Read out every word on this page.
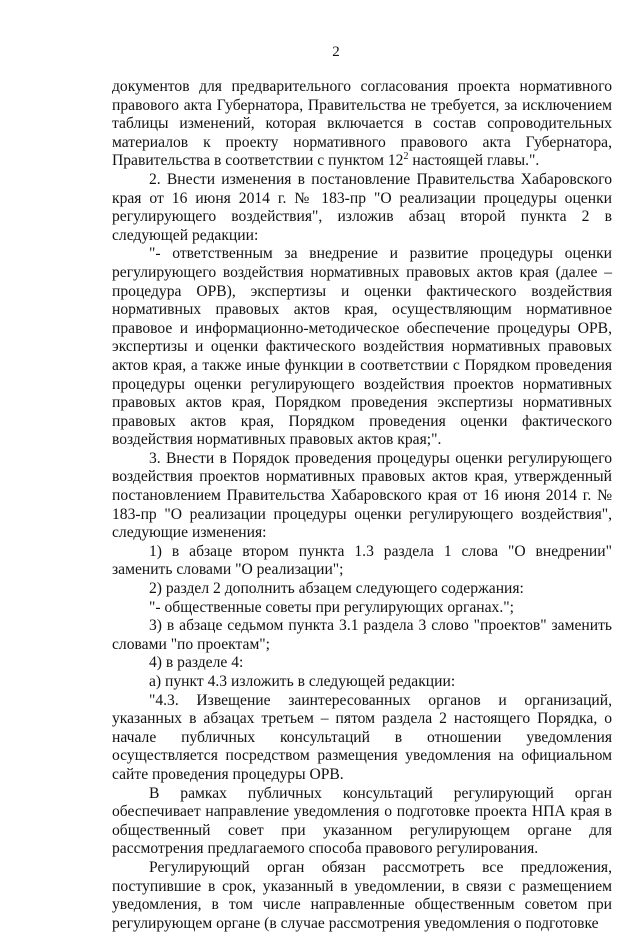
2

документов для предварительного согласования проекта нормативного правового акта Губернатора, Правительства не требуется, за исключением таблицы изменений, которая включается в состав сопроводительных материалов к проекту нормативного правового акта Губернатора, Правительства в соответствии с пунктом $12^2$ настоящей главы.".

2. Внести изменения в постановление Правительства Хабаровского края от 16 июня 2014 г. № 183-пр "О реализации процедуры оценки регулирующего воздействия", изложив абзац второй пункта 2 в следующей редакции:

"- ответственным за внедрение и развитие процедуры оценки регулирующего воздействия нормативных правовых актов края (далее – процедура ОРВ), экспертизы и оценки фактического воздействия нормативных правовых актов края, осуществляющим нормативное правовое и информационно-методическое обеспечение процедуры ОРВ, экспертизы и оценки фактического воздействия нормативных правовых актов края, а также иные функции в соответствии с Порядком проведения процедуры оценки регулирующего воздействия проектов нормативных правовых актов края, Порядком проведения экспертизы нормативных правовых актов края, Порядком проведения оценки фактического воздействия нормативных правовых актов края;".

3. Внести в Порядок проведения процедуры оценки регулирующего воздействия проектов нормативных правовых актов края, утвержденный постановлением Правительства Хабаровского края от 16 июня 2014 г. № 183-пр "О реализации процедуры оценки регулирующего воздействия", следующие изменения:

1) в абзаце втором пункта 1.3 раздела 1 слова "О внедрении" заменить словами "О реализации";

2) раздел 2 дополнить абзацем следующего содержания:

"- общественные советы при регулирующих органах.";

3) в абзаце седьмом пункта 3.1 раздела 3 слово "проектов" заменить словами "по проектам";

4) в разделе 4:

а) пункт 4.3 изложить в следующей редакции:

"4.3. Извещение заинтересованных органов и организаций, указанных в абзацах третьем – пятом раздела 2 настоящего Порядка, о начале публичных консультаций в отношении уведомления осуществляется посредством размещения уведомления на официальном сайте проведения процедуры ОРВ.

В рамках публичных консультаций регулирующий орган обеспечивает направление уведомления о подготовке проекта НПА края в общественный совет при указанном регулирующем органе для рассмотрения предлагаемого способа правового регулирования.

Регулирующий орган обязан рассмотреть все предложения, поступившие в срок, указанный в уведомлении, в связи с размещением уведомления, в том числе направленные общественным советом при регулирующем органе (в случае рассмотрения уведомления о подготовке
